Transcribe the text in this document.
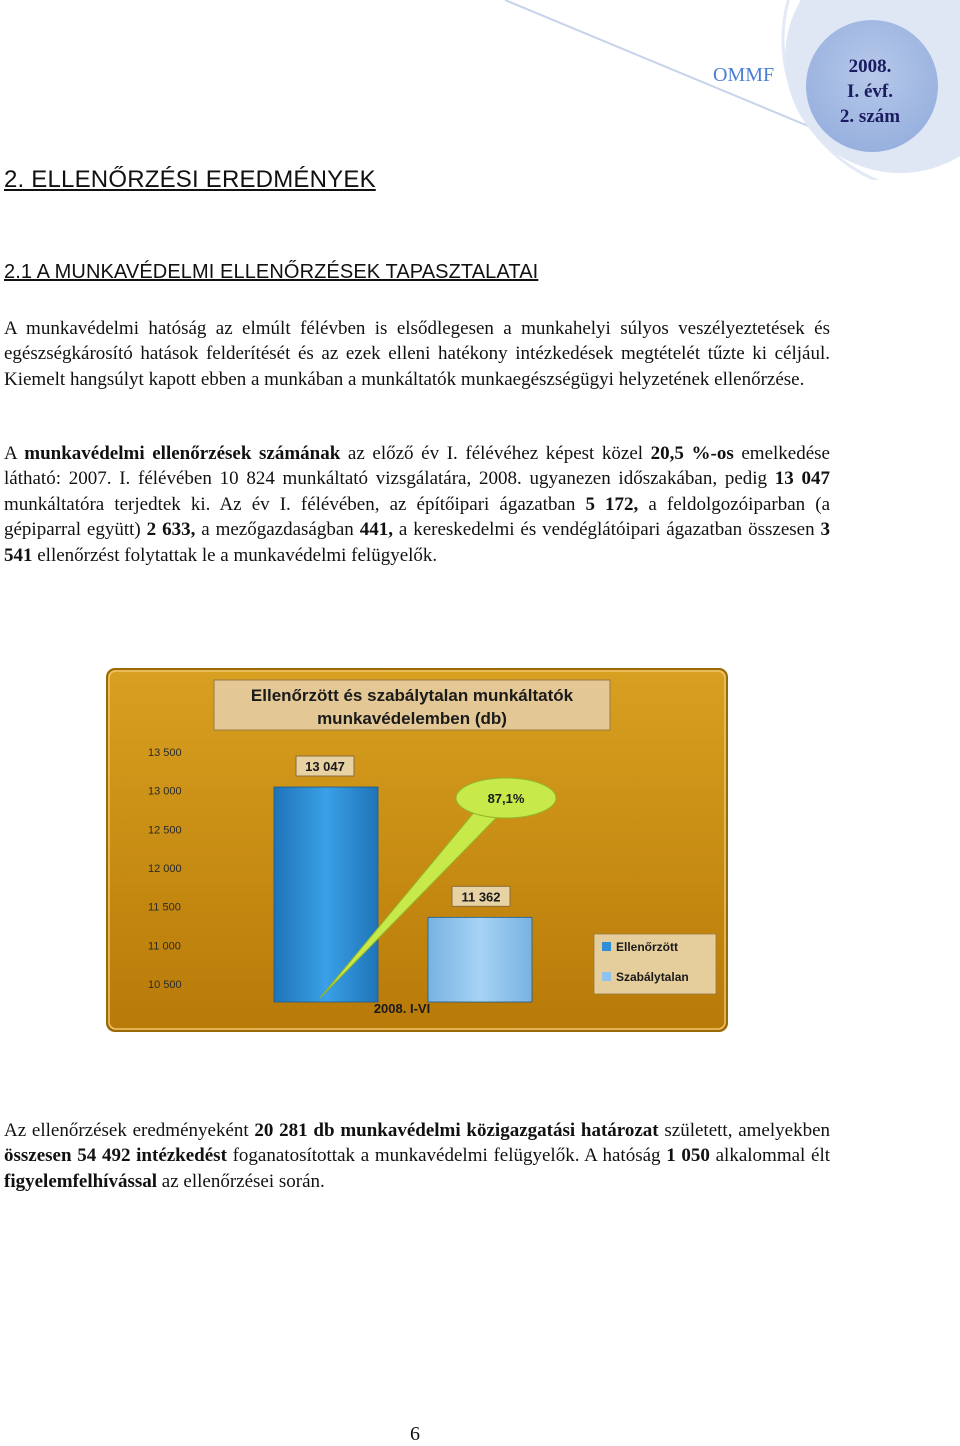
OMMF	2008.
I. évf.
2. szám
2. ELLENŐRZÉSI EREDMÉNYEK
2.1 A MUNKAVÉDELMI ELLENŐRZÉSEK TAPASZTALATAI

A munkavédelmi hatóság az elmúlt félévben is elsődlegesen a munkahelyi súlyos veszélyeztetések és egészségkárosító hatások felderítését és az ezek elleni hatékony intézkedések megtételét tűzte ki céljául. Kiemelt hangsúlyt kapott ebben a munkában a munkáltatók munkaegészségügyi helyzetének ellenőrzése.

A munkavédelmi ellenőrzések számának az előző év I. félévéhez képest közel 20,5 %-os emelkedése látható: 2007. I. félévében 10 824 munkáltató vizsgálatára, 2008. ugyanezen időszakában, pedig 13 047 munkáltatóra terjedtek ki. Az év I. félévében, az építőipari ágazatban 5 172, a feldolgozóiparban (a gépiparral együtt) 2 633, a mezőgazdaságban 441, a kereskedelmi és vendéglátóipari ágazatban összesen 3 541 ellenőrzést folytattak le a munkavédelmi felügyelők.

Ellenőrzött és szabálytalan munkáltatók
munkavédelemben (db)
13 500
13 000
12 500
12 000
11 500
11 000
10 500
13 047
11 362
87,1%
Ellenőrzött
Szabálytalan
2008. I-VI

Az ellenőrzések eredményeként 20 281 db munkavédelmi közigazgatási határozat született, amelyekben összesen 54 492 intézkedést foganatosítottak a munkavédelmi felügyelők. A hatóság 1 050 alkalommal élt figyelemfelhívással az ellenőrzései során.

6
